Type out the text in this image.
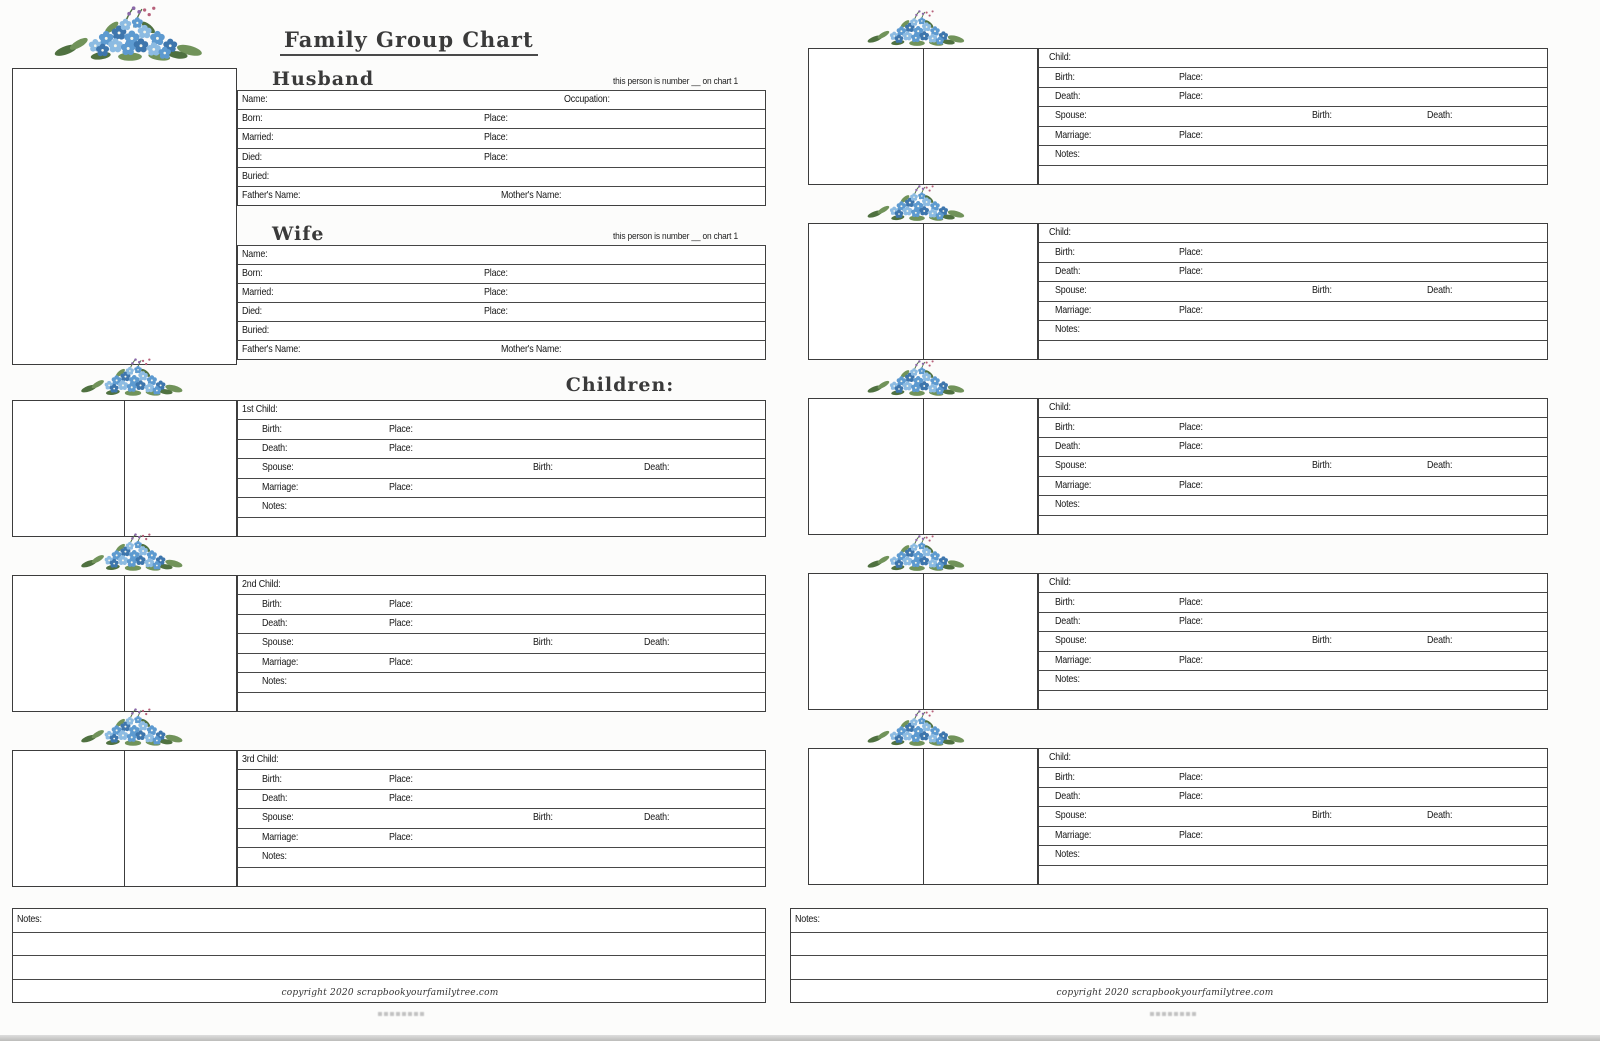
Family Group Chart
Husband	this person is number __ on chart 1
Name:	Occupation:
Born:	Place:
Married:	Place:
Died:	Place:
Buried:
Father's Name:	Mother's Name:
Wife	this person is number __ on chart 1
Name:
Born:	Place:
Married:	Place:
Died:	Place:
Buried:
Father's Name:	Mother's Name:
Children:
1st Child:
Birth:	Place:
Death:	Place:
Spouse:	Birth:	Death:
Marriage:	Place:
Notes:
2nd Child:
Birth:	Place:
Death:	Place:
Spouse:	Birth:	Death:
Marriage:	Place:
Notes:
3rd Child:
Birth:	Place:
Death:	Place:
Spouse:	Birth:	Death:
Marriage:	Place:
Notes:
Child:
Birth:	Place:
Death:	Place:
Spouse:	Birth:	Death:
Marriage:	Place:
Notes:
Child:
Birth:	Place:
Death:	Place:
Spouse:	Birth:	Death:
Marriage:	Place:
Notes:
Child:
Birth:	Place:
Death:	Place:
Spouse:	Birth:	Death:
Marriage:	Place:
Notes:
Child:
Birth:	Place:
Death:	Place:
Spouse:	Birth:	Death:
Marriage:	Place:
Notes:
Child:
Birth:	Place:
Death:	Place:
Spouse:	Birth:	Death:
Marriage:	Place:
Notes:
Notes:	Notes:
copyright 2020 scrapbookyourfamilytree.com	copyright 2020 scrapbookyourfamilytree.com
